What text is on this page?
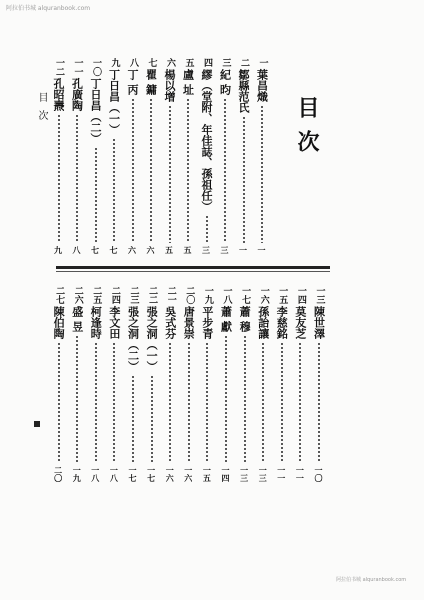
阿拉伯书城 alquranbook.com
目次
目次
一
葉昌熾
一
二
鄒縣范氏
一
三
紀 昀
三
四
繆（堂附、年佳誌、孫祖任）
三
五
盧 址
五
六
楊以增
五
七
瞿 鏞
六
八
丁 丙
六
九
丁日昌（一）
七
一〇
丁日昌（二）
七
一一
孔廣陶
八
一二
孔昭燾
九
一三
陳世澤
一〇
一四
莫友芝
一一
一五
李慈銘
一一
一六
孫詒讓
一三
一七
蕭 穆
一三
一八
蕭 獻
一四
一九
平步青
一五
二〇
唐景崇
一六
二一
吳式芬
一六
二二
張之洞（一）
一七
二三
張之洞（二）
一七
二四
李文田
一八
二五
柯逢時
一八
二六
盛 昱
一九
二七
陳伯陶
二〇
阿拉伯书城 alquranbook.com
